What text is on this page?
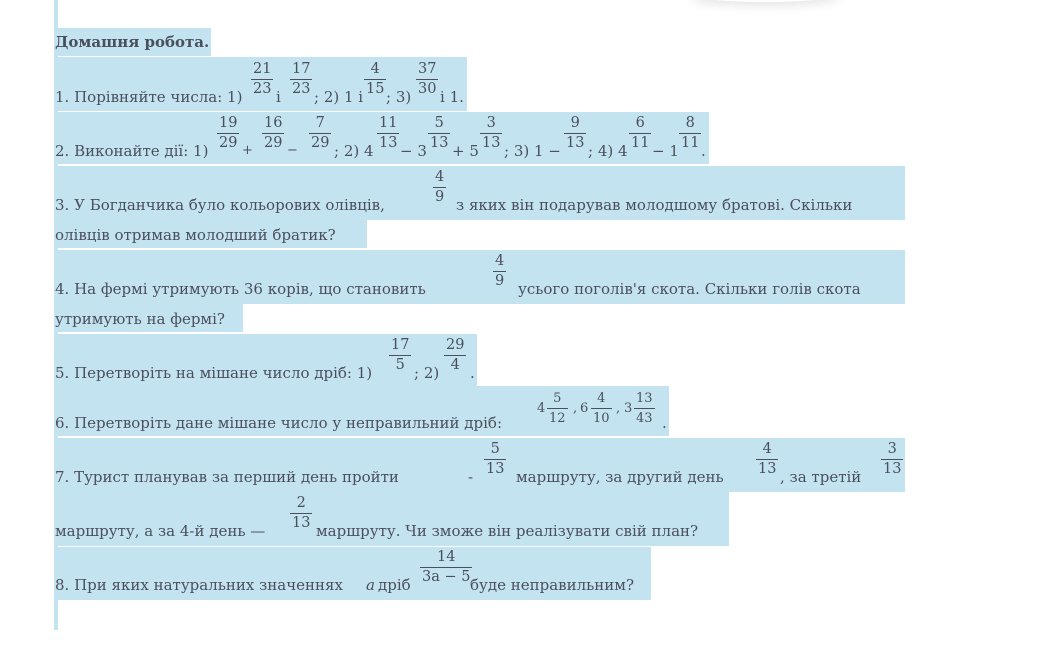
Домашня робота.
1. Порівняйте числа: $1) \frac{21}{23}$ і $\frac{17}{23}$ ; 2) 1 і $\frac{4}{15}$ ; $3) \frac{37}{30}$ і 1.
2. Виконайте дії: $1) \frac{19}{29} + \frac{16}{29} - \frac{7}{29}$ ; 2) $4 \frac{11}{13} - 3 \frac{5}{13} + 5 \frac{3}{13}$ ; 3) $1 - \frac{9}{13}$ ; 4) $4 \frac{6}{11} - 1 \frac{8}{11}$ .
3. У Богданчика було кольорових олівців,	$\frac{4}{9}$ з яких він подарував молодшому братові. Скільки
олівців отримав молодший братик?
4. На фермі утримують 36 корів, що становить	$\frac{4}{9}$ усього поголів'я скота. Скільки голів скота
утримують на фермі?
5. Перетворіть на мішане число дріб: $1) \frac{17}{5}$ ; $2) \frac{29}{4}$ .
6. Перетворіть дане мішане число у неправильний дріб:
$4 \frac{5}{12}$ , $6 \frac{4}{10}$ , $3 \frac{13}{43}$ .
7. Турист планував за перший день пройти	- $\frac{5}{13}$ маршруту, за другий день $\frac{4}{13}$ , за третій $\frac{3}{13}$
маршруту, а за 4-й день — $\frac{2}{13}$ маршруту. Чи зможе він реалізувати свій план?
8. При яких натуральних значеннях a дріб $\frac{14}{3a - 5}$
буде неправильним?
